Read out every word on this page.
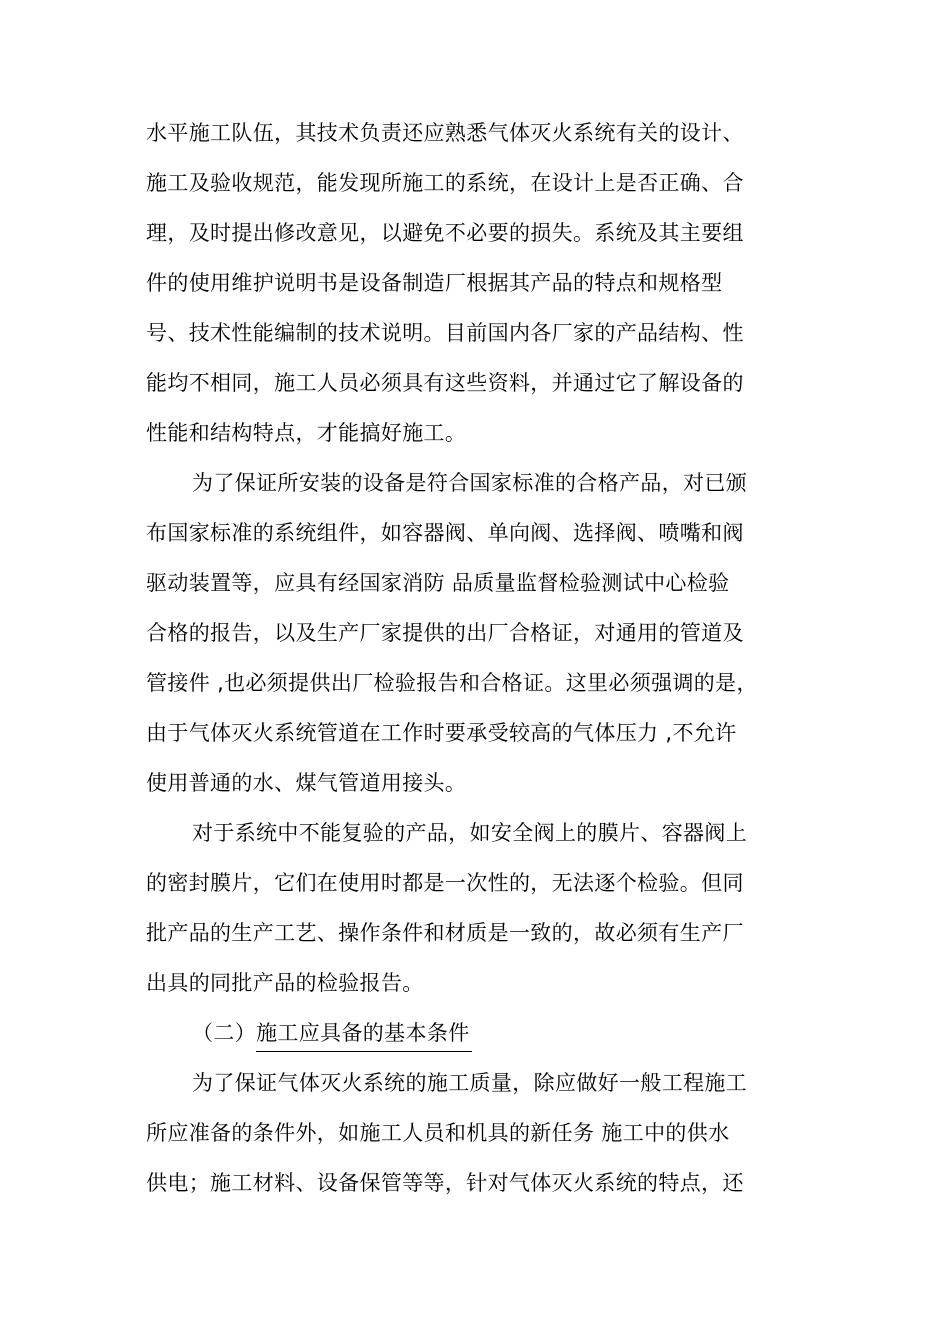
水平施工队伍，其技术负责还应熟悉气体灭火系统有关的设计、
施工及验收规范，能发现所施工的系统，在设计上是否正确、合
理，及时提出修改意见，以避免不必要的损失。系统及其主要组
件的使用维护说明书是设备制造厂根据其产品的特点和规格型
号、技术性能编制的技术说明。目前国内各厂家的产品结构、性
能均不相同，施工人员必须具有这些资料，并通过它了解设备的
性能和结构特点，才能搞好施工。
为了保证所安装的设备是符合国家标准的合格产品，对已颁
布国家标准的系统组件，如容器阀、单向阀、选择阀、喷嘴和阀
驱动装置等，应具有经国家消防 品质量监督检验测试中心检验
合格的报告，以及生产厂家提供的出厂合格证，对通用的管道及
管接件 ,也必须提供出厂检验报告和合格证。这里必须强调的是，
由于气体灭火系统管道在工作时要承受较高的气体压力 ,不允许
使用普通的水、煤气管道用接头。
对于系统中不能复验的产品，如安全阀上的膜片、容器阀上
的密封膜片，它们在使用时都是一次性的，无法逐个检验。但同
批产品的生产工艺、操作条件和材质是一致的，故必须有生产厂
出具的同批产品的检验报告。
（二）施工应具备的基本条件
为了保证气体灭火系统的施工质量，除应做好一般工程施工
所应准备的条件外，如施工人员和机具的新任务 施工中的供水
供电；施工材料、设备保管等等，针对气体灭火系统的特点，还
